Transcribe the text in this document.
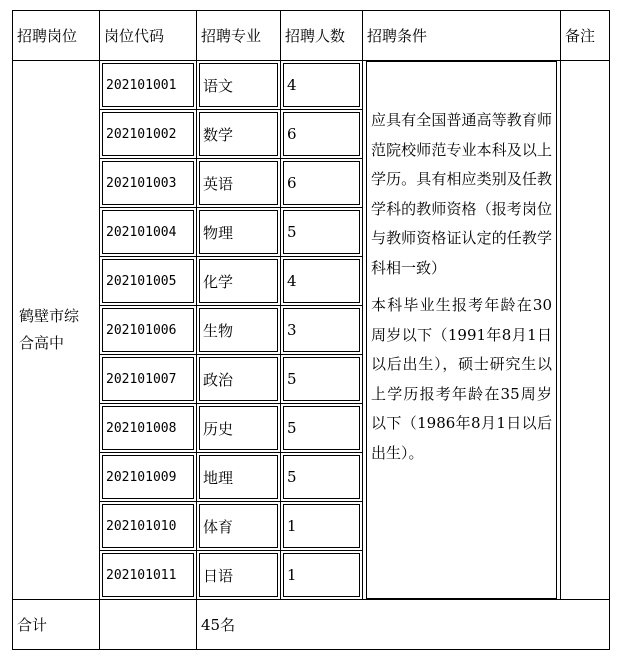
招聘岗位	岗位代码	招聘专业	招聘人数	招聘条件	备注

鹤壁市综合高中	202101001	语文	4	应具有全国普通高等教育师范院校师范专业本科及以上学历。具有相应类别及任教学科的教师资格（报考岗位与教师资格证认定的任教学科相一致）

本科毕业生报考年龄在30周岁以下（1991年8月1日以后出生），硕士研究生以上学历报考年龄在35周岁以下（1986年8月1日以后出生）。	

202101002	数学	6		

202101003	英语	6		

202101004	物理	5		

202101005	化学	4		

202101006	生物	3		

202101007	政治	5		

202101008	历史	5		

202101009	地理	5		

202101010	体育	1		

202101011	日语	1		

合计		45名			
